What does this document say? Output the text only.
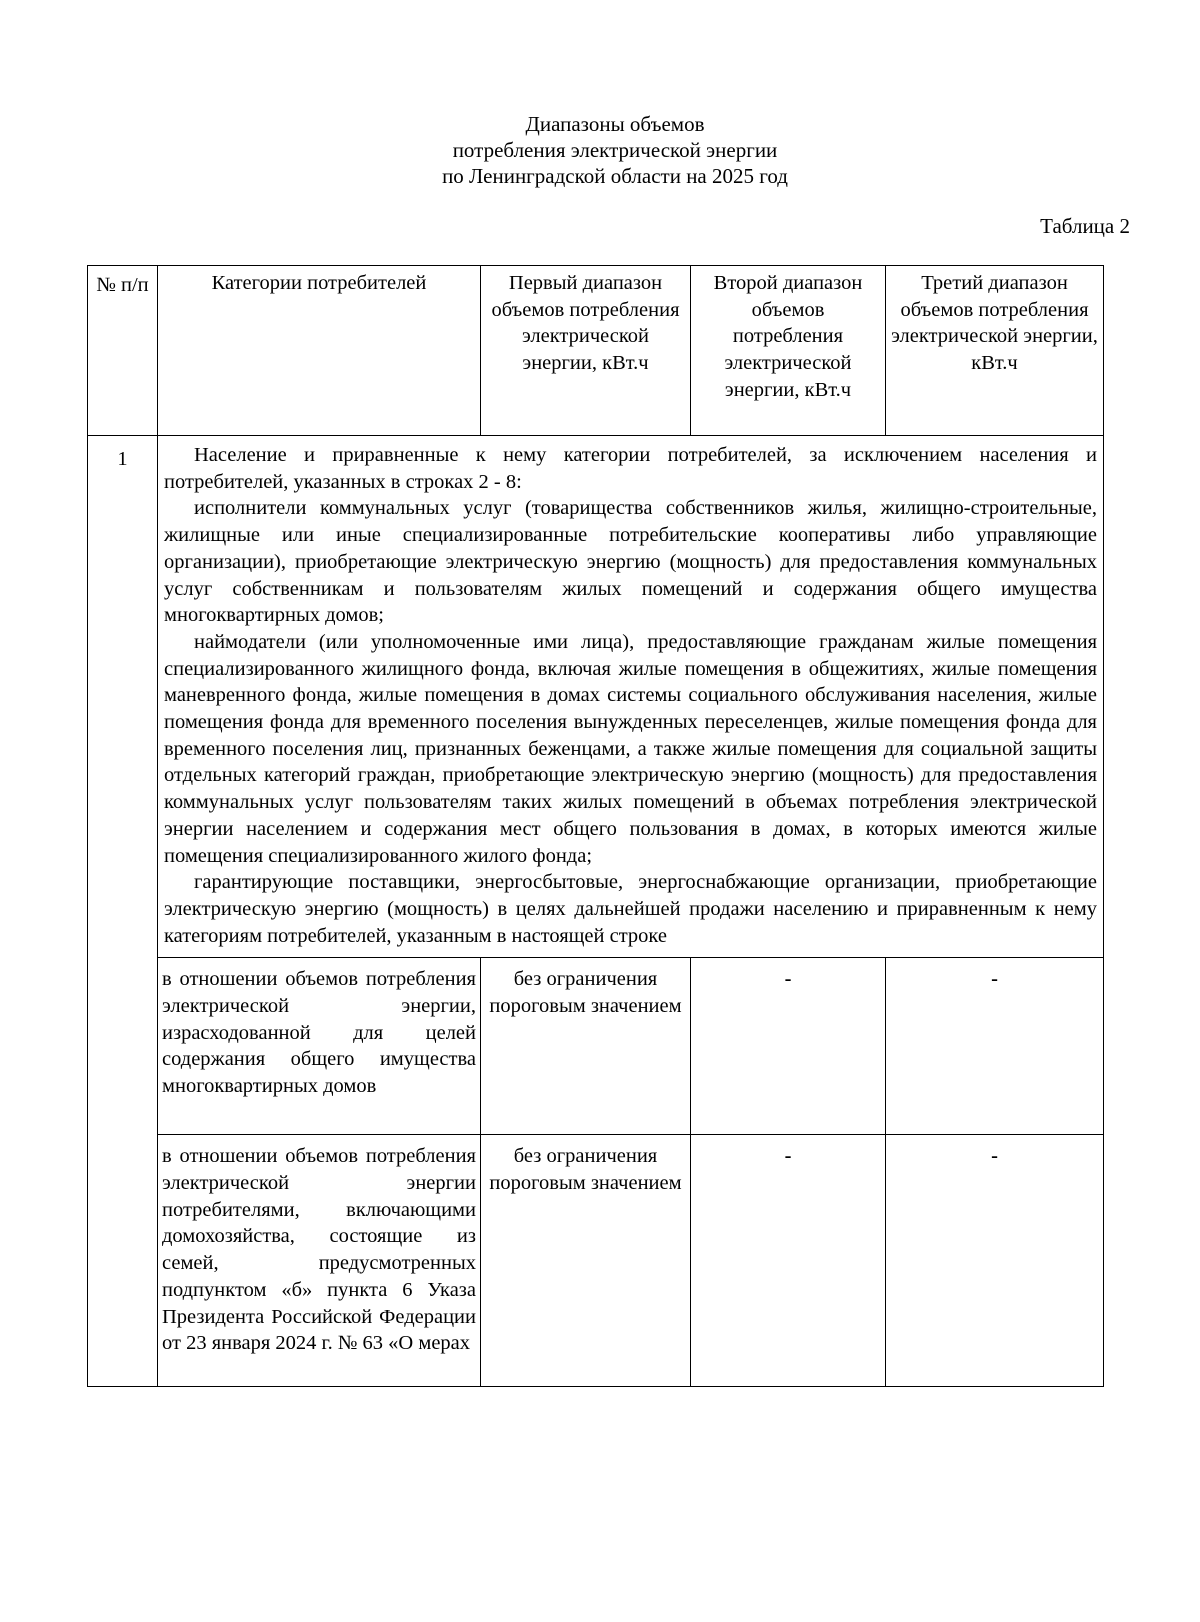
Диапазоны объемов
потребления электрической энергии
по Ленинградской области на 2025 год
Таблица 2
№ п/п	Категории потребителей	Первый диапазон объемов потребления электрической энергии, кВт.ч	Второй диапазон объемов потребления электрической энергии, кВт.ч	Третий диапазон объемов потребления электрической энергии, кВт.ч
1	Население и приравненные к нему категории потребителей, за исключением населения и потребителей, указанных в строках 2 - 8:

исполнители коммунальных услуг (товарищества собственников жилья, жилищно-строительные, жилищные или иные специализированные потребительские кооперативы либо управляющие организации), приобретающие электрическую энергию (мощность) для предоставления коммунальных услуг собственникам и пользователям жилых помещений и содержания общего имущества многоквартирных домов;

наймодатели (или уполномоченные ими лица), предоставляющие гражданам жилые помещения специализированного жилищного фонда, включая жилые помещения в общежитиях, жилые помещения маневренного фонда, жилые помещения в домах системы социального обслуживания населения, жилые помещения фонда для временного поселения вынужденных переселенцев, жилые помещения фонда для временного поселения лиц, признанных беженцами, а также жилые помещения для социальной защиты отдельных категорий граждан, приобретающие электрическую энергию (мощность) для предоставления коммунальных услуг пользователям таких жилых помещений в объемах потребления электрической энергии населением и содержания мест общего пользования в домах, в которых имеются жилые помещения специализированного жилого фонда;

гарантирующие поставщики, энергосбытовые, энергоснабжающие организации, приобретающие электрическую энергию (мощность) в целях дальнейшей продажи населению и приравненным к нему категориям потребителей, указанным в настоящей строке			

	в отношении объемов потребления электрической энергии, израсходованной для целей содержания общего имущества многоквартирных домов	без ограничения пороговым значением	-	-
	в отношении объемов потребления электрической энергии потребителями, включающими домохозяйства, состоящие из семей, предусмотренных подпунктом «б» пункта 6 Указа Президента Российской Федерации от 23 января 2024 г. № 63 «О мерах	без ограничения пороговым значением	-	-
